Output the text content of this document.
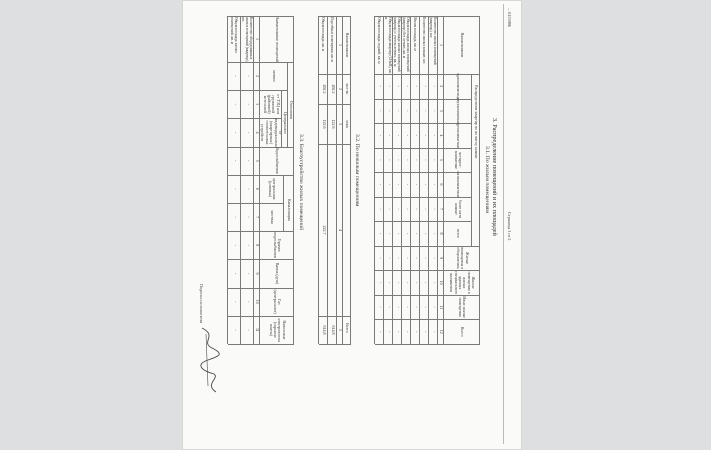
... 6153986
Страница 3 из 5
3. Распределение помещений и их площадей
3.1. По жилым помещениям
Наименование
Распределение квартир по их числу комнат
однокомнатные
двухкомнатные
трехкомнатные
четырех-комнатные
пятикомнатные
более пяти комнат
всего
Жилые помещения в общежитиях
Жилые помещения в жилых зданиях специального назначения
Иные жилые помещения
Всего
1
2
3
4
5
6
7
8
9
10
11
12
Количество жилых помещений (квартир), шт.
-
-
-
-
-
-
-
-
-
-
-
Количество жилых комнат, шт.
-
-
-
-
-
-
-
-
-
-
-
Жилая площадь, кв. м
-
-
-
-
-
-
-
-
-
-
-
Общая площадь жилых помещений (квартир) без летних, кв. м
-
-
-
-
-
-
-
-
-
-
-
Общая площадь жилых помещений (квартир) с учетом летних, кв. м
-
-
-
-
-
-
-
-
-
-
-
Общая площадь квартир (СНиП), кв. м
-
-
-
-
-
-
-
-
-
-
-
Общая площадь лоджий, кв. м
-
-
-
-
-
-
-
-
-
-
-
3.2. По нежилым помещениям
Наименование
кол-во
этаж
Всего
1
2
3
4
5
Подсобные помещения, кв. м
492.2
122.6
614.8
Общая площадь, кв. м
492.2
122.6
222.7
614.8
3.3. Благоустройство жилых помещений
Наименование помещений
Отопление
Центральное
Канализация
печное
от ТЭЦ или групповой (районной) котельной
от индивидуальных (квартирных) отопительных устройств
Водоснабжение
центральная (уличная)
местная
Горячее водоснабжение
Ванна (душ)
Газ (центральное)
Напольные электроплиты (скрытые плиты)
1
2
3
4
5
6
7
8
9
10
11
Количество оборудованных жилых помещений (квартир), шт.
-
-
-
-
-
-
-
-
-
-
Общая площадь жилых помещений, кв. м
-
-
-
-
-
-
-
-
-
-
Подпись исполнителя
